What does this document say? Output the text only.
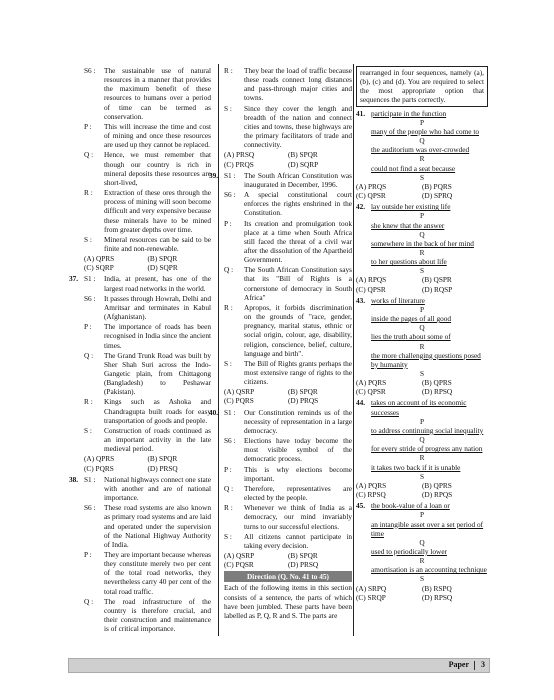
S6 : The sustainable use of natural resources in a manner that provides the maximum benefit of these resources to humans over a period of time can be termed as conservation.
P : This will increase the time and cost of mining and once these resources are used up they cannot be replaced.
Q : Hence, we must remember that though our country is rich in mineral deposits these resources are short-lived,
R : Extraction of these ores through the process of mining will soon become difficult and very expensive because these minerals have to be mined from greater depths over time.
S : Mineral resources can be said to be finite and non-renewable.
(A) QPRS	(B) SPQR
(C) SQRP	(D) SQPR
37. S1 : India, at present, has one of the largest road networks in the world.
S6 : It passes through Howrah, Delhi and Amritsar and terminates in Kabul (Afghanistan).
P : The importance of roads has been recognised in India since the ancient times.
Q : The Grand Trunk Road was built by Sher Shah Suri across the Indo-Gangetic plain, from Chittagong (Bangladesh) to Peshawar (Pakistan).
R : Kings such as Ashoka and Chandragupta built roads for easy transportation of goods and people.
S : Construction of roads continued as an important activity in the late medieval period.
(A) QPRS	(B) SPQR
(C) PQRS	(D) PRSQ
38. S1 : National highways connect one state with another and are of national importance.
S6 : These road systems are also known as primary road systems and are laid and operated under the supervision of the National Highway Authority of India.
P : They are important because whereas they constitute merely two per cent of the total road networks, they nevertheless carry 40 per cent of the total road traffic.
Q : The road infrastructure of the country is therefore crucial, and their construction and maintenance is of critical importance.
R : They bear the load of traffic because these roads connect long distances and pass-through major cities and towns.
S : Since they cover the length and breadth of the nation and connect cities and towns, these highways are the primary facilitators of trade and connectivity.
(A) PRSQ	(B) SPQR
(C) PRQS	(D) SQRP
39. S1 : The South African Constitution was inaugurated in December, 1996.
S6 : A special constitutional court enforces the rights enshrined in the Constitution.
P : Its creation and promulgation took place at a time when South Africa still faced the threat of a civil war after the dissolution of the Apartheid Government.
Q : The South African Constitution says that its "Bill of Rights is a cornerstone of democracy in South Africa"
R : Apropos, it forbids discrimination on the grounds of "race, gender, pregnancy, marital status, ethnic or social origin, colour, age, disability, religion, conscience, belief, culture, language and birth".
S : The Bill of Rights grants perhaps the most extensive range of rights to the citizens.
(A) QSRP	(B) SPQR
(C) PQRS	(D) PRQS
40. S1 : Our Constitution reminds us of the necessity of representation in a large democracy.
S6 : Elections have today become the most visible symbol of the democratic process.
P : This is why elections become important.
Q : Therefore, representatives are elected by the people.
R : Whenever we think of India as a democracy, our mind invariably turns to our successful elections.
S : All citizens cannot participate in taking every decision.
(A) QSRP	(B) SPQR
(C) PQSR	(D) PRSQ
Direction (Q. No. 41 to 45)
Each of the following items in this section consists of a sentence, the parts of which have been jumbled. These parts have been labelled as P, Q, R and S. The parts are
rearranged in four sequences, namely (a), (b), (c) and (d). You are required to select the most appropriate option that sequences the parts correctly.
41. participate in the function
P
many of the people who had come to
Q
the auditorium was over-crowded
R
could not find a seat because
S
(A) PRQS	(B) PQRS
(C) QPSR	(D) SPRQ
42. lay outside her existing life
P
she knew that the answer
Q
somewhere in the back of her mind
R
to her questions about life
S
(A) RPQS	(B) QSPR
(C) QPSR	(D) RQSP
43. works of literature
P
inside the pages of all good
Q
lies the truth about some of
R
the more challenging questions posed by humanity
S
(A) PQRS	(B) QPRS
(C) QPSR	(D) RPSQ
44. takes on account of its economic successes
P
to address continuing social inequality
Q
for every stride of progress any nation
R
it takes two back if it is unable
S
(A) PQRS	(B) QPRS
(C) RPSQ	(D) RPQS
45. the book-value of a loan or
P
an intangible asset over a set period of time
Q
used to periodically lower
R
amortisation is an accounting technique
S
(A) SRPQ	(B) RSPQ
(C) SRQP	(D) RPSQ
Paper 3
